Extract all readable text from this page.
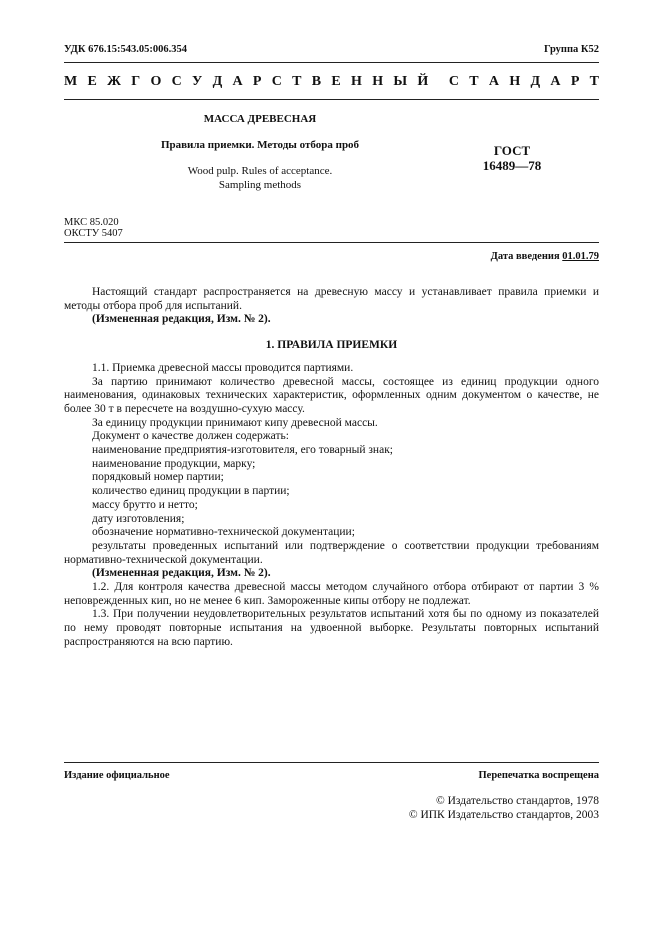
УДК 676.15:543.05:006.354	Группа К52
М Е Ж Г О С У Д А Р С Т В Е Н Н Ы Й С Т А Н Д А Р Т
МАССА ДРЕВЕСНАЯ
Правила приемки. Методы отбора проб
Wood pulp. Rules of acceptance.
Sampling methods
ГОСТ
16489—78
МКС 85.020
ОКСТУ 5407
Дата введения 01.01.79

Настоящий стандарт распространяется на древесную массу и устанавливает правила приемки и методы отбора проб для испытаний.

(Измененная редакция, Изм. № 2).

1. ПРАВИЛА ПРИЕМКИ

1.1. Приемка древесной массы проводится партиями.

За партию принимают количество древесной массы, состоящее из единиц продукции одного наименования, одинаковых технических характеристик, оформленных одним документом о качестве, не более 30 т в пересчете на воздушно-сухую массу.

За единицу продукции принимают кипу древесной массы.

Документ о качестве должен содержать:

наименование предприятия-изготовителя, его товарный знак;

наименование продукции, марку;

порядковый номер партии;

количество единиц продукции в партии;

массу брутто и нетто;

дату изготовления;

обозначение нормативно-технической документации;

результаты проведенных испытаний или подтверждение о соответствии продукции требованиям нормативно-технической документации.

(Измененная редакция, Изм. № 2).

1.2. Для контроля качества древесной массы методом случайного отбора отбирают от партии 3 % неповрежденных кип, но не менее 6 кип. Замороженные кипы отбору не подлежат.

1.3. При получении неудовлетворительных результатов испытаний хотя бы по одному из показателей по нему проводят повторные испытания на удвоенной выборке. Результаты повторных испытаний распространяются на всю партию.

Издание официальное	Перепечатка воспрещена
© Издательство стандартов, 1978
© ИПК Издательство стандартов, 2003
